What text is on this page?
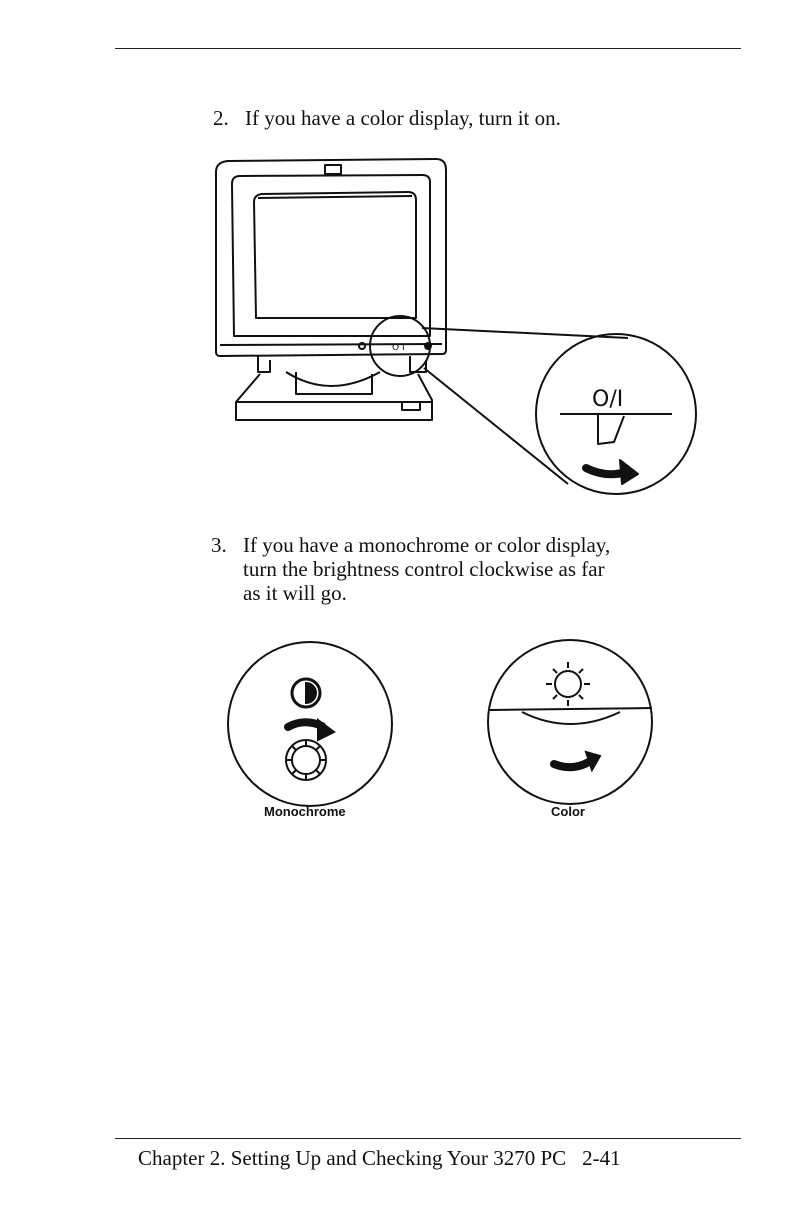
2. If you have a color display, turn it on.
O I
O/I
3. If you have a monochrome or color display,
turn the brightness control clockwise as far
as it will go.
Monochrome	Color
Chapter 2. Setting Up and Checking Your 3270 PC 2-41
